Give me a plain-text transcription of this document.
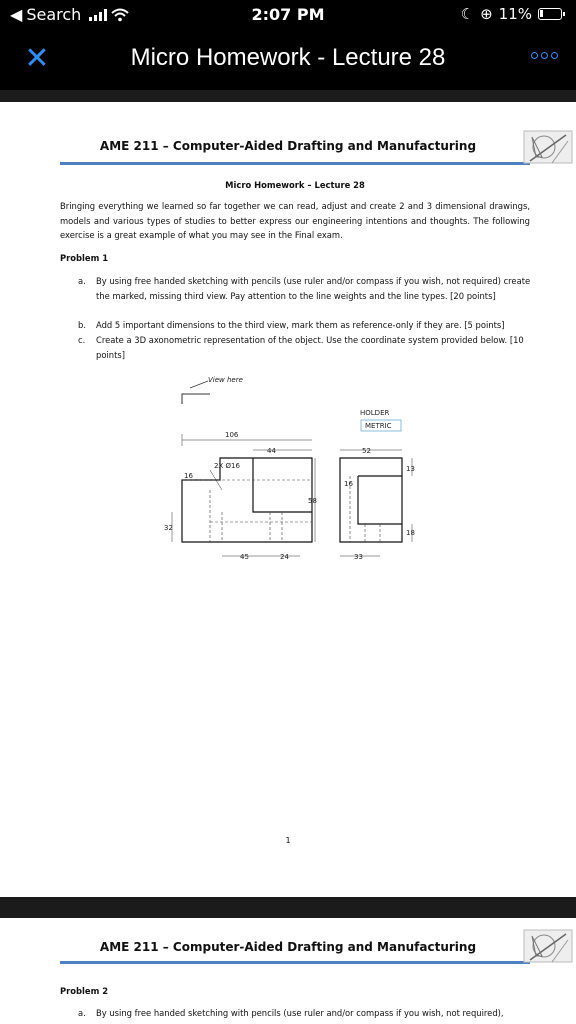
◀ Search	2:07 PM	☾ ⊕ 11%
✕	Micro Homework - Lecture 28
AME 211 – Computer-Aided Drafting and Manufacturing
Micro Homework – Lecture 28
Bringing everything we learned so far together we can read, adjust and create 2 and 3 dimensional drawings, models and various types of studies to better express our engineering intentions and thoughts. The following exercise is a great example of what you may see in the Final exam.
Problem 1
a. By using free handed sketching with pencils (use ruler and/or compass if you wish, not required) create the marked, missing third view. Pay attention to the line weights and the line types. [20 points]
b. Add 5 important dimensions to the third view, mark them as reference-only if they are. [5 points]
c. Create a 3D axonometric representation of the object. Use the coordinate system provided below. [10 points]
View here
HOLDER
METRIC
106
44
2X Ø16
16
58
32
45	24
52
13
16
18
33
1
AME 211 – Computer-Aided Drafting and Manufacturing
Problem 2
a. By using free handed sketching with pencils (use ruler and/or compass if you wish, not required),
